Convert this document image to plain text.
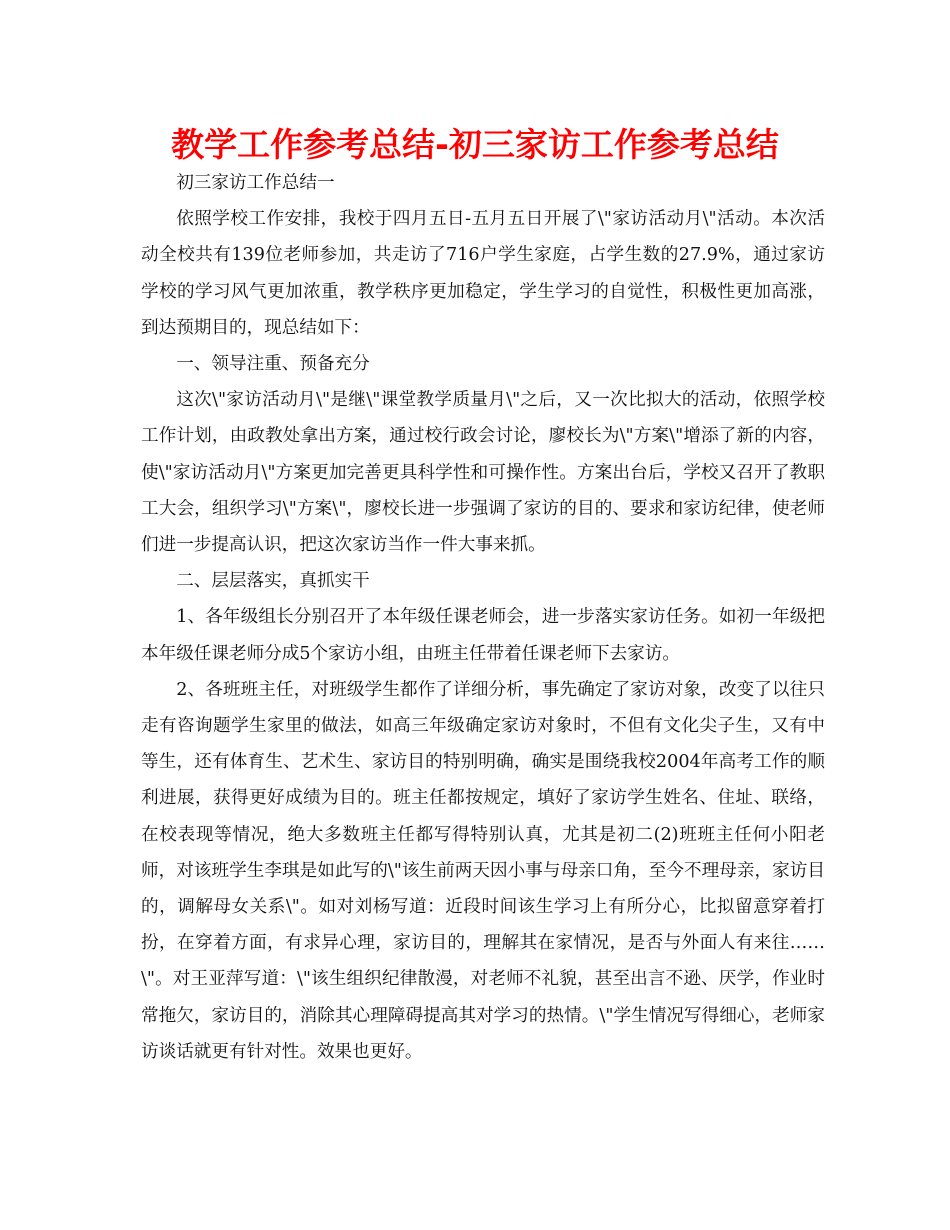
教学工作参考总结-初三家访工作参考总结

初三家访工作总结一

依照学校工作安排，我校于四月五日-五月五日开展了\"家访活动月\"活动。本次活动全校共有139位老师参加，共走访了716户学生家庭，占学生数的27.9%，通过家访学校的学习风气更加浓重，教学秩序更加稳定，学生学习的自觉性，积极性更加高涨，到达预期目的，现总结如下：

一、领导注重、预备充分

这次\"家访活动月\"是继\"课堂教学质量月\"之后，又一次比拟大的活动，依照学校工作计划，由政教处拿出方案，通过校行政会讨论，廖校长为\"方案\"增添了新的内容，使\"家访活动月\"方案更加完善更具科学性和可操作性。方案出台后，学校又召开了教职工大会，组织学习\"方案\"，廖校长进一步强调了家访的目的、要求和家访纪律，使老师们进一步提高认识，把这次家访当作一件大事来抓。

二、层层落实，真抓实干

1、各年级组长分别召开了本年级任课老师会，进一步落实家访任务。如初一年级把本年级任课老师分成5个家访小组，由班主任带着任课老师下去家访。

2、各班班主任，对班级学生都作了详细分析，事先确定了家访对象，改变了以往只走有咨询题学生家里的做法，如高三年级确定家访对象时，不但有文化尖子生，又有中等生，还有体育生、艺术生、家访目的特别明确，确实是围绕我校2004年高考工作的顺利进展，获得更好成绩为目的。班主任都按规定，填好了家访学生姓名、住址、联络，在校表现等情况，绝大多数班主任都写得特别认真，尤其是初二(2)班班主任何小阳老师，对该班学生李琪是如此写的\"该生前两天因小事与母亲口角，至今不理母亲，家访目的，调解母女关系\"。如对刘杨写道：近段时间该生学习上有所分心，比拟留意穿着打扮，在穿着方面，有求异心理，家访目的，理解其在家情况，是否与外面人有来往……\"。对王亚萍写道：\"该生组织纪律散漫，对老师不礼貌，甚至出言不逊、厌学，作业时常拖欠，家访目的，消除其心理障碍提高其对学习的热情。\"学生情况写得细心，老师家访谈话就更有针对性。效果也更好。
